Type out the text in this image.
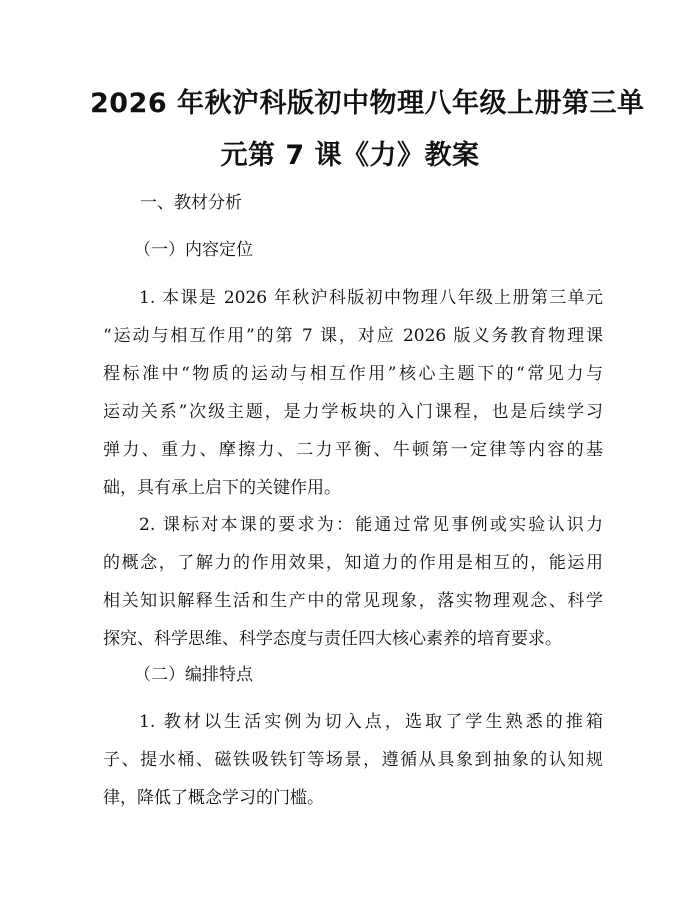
2026 年秋沪科版初中物理八年级上册第三单
元第 7 课《力》教案
一、教材分析
（一）内容定位
1. 本课是 2026 年秋沪科版初中物理八年级上册第三单元
“运动与相互作用”的第 7 课，对应 2026 版义务教育物理课
程标准中“物质的运动与相互作用”核心主题下的“常见力与
运动关系”次级主题，是力学板块的入门课程，也是后续学习
弹力、重力、摩擦力、二力平衡、牛顿第一定律等内容的基
础，具有承上启下的关键作用。
2. 课标对本课的要求为：能通过常见事例或实验认识力
的概念，了解力的作用效果，知道力的作用是相互的，能运用
相关知识解释生活和生产中的常见现象，落实物理观念、科学
探究、科学思维、科学态度与责任四大核心素养的培育要求。
（二）编排特点
1. 教材以生活实例为切入点，选取了学生熟悉的推箱
子、提水桶、磁铁吸铁钉等场景，遵循从具象到抽象的认知规
律，降低了概念学习的门槛。
